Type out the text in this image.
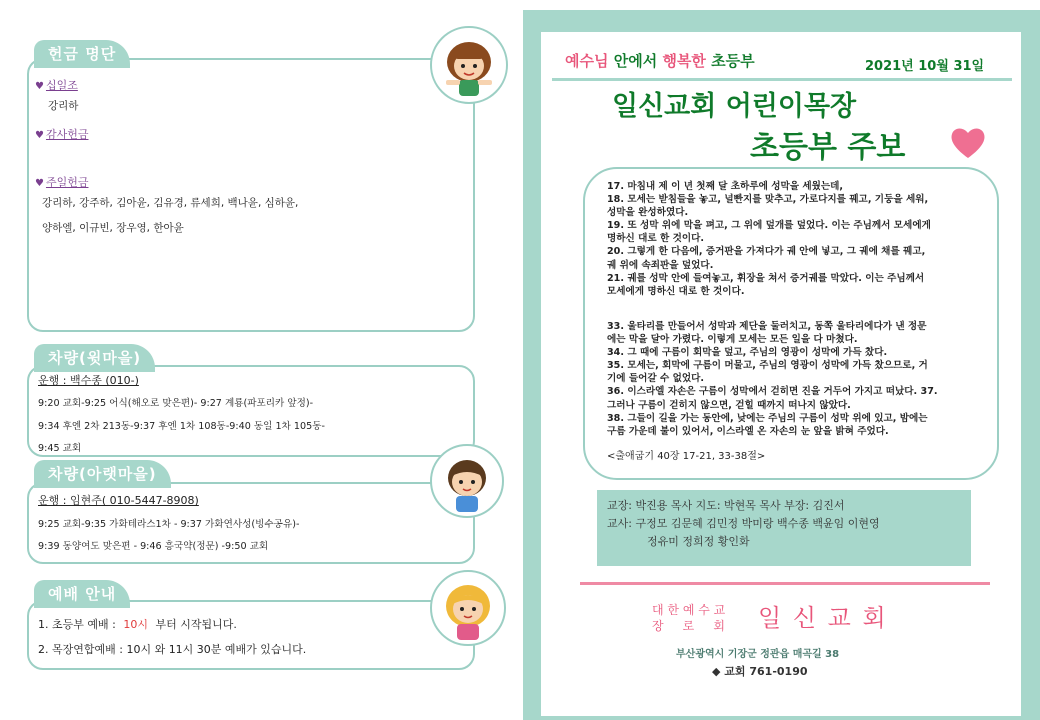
헌금 명단
♥ 십일조
강리하
♥ 감사헌금
♥ 주일헌금
강리하, 강주하, 김아윤, 김유경, 류세희, 백나윤, 심하윤,
양하엘, 이규빈, 장우영, 한아윤
차량(윗마을)
운행 : 백수종 (010-)
9:20 교회-9:25 어식(해오로 맞은편)- 9:27 계룡(파포리카 앞정)-
9:34 후엔 2차 213동-9:37 후엔 1차 108동-9:40 동일 1차 105동-
9:45 교회
차량(아랫마을)
운행 : 임현주( 010-5447-8908)
9:25 교회-9:35 가화테라스1차 - 9:37 가화연사성(빙수공유)-
9:39 동양여도 맞은편 - 9:46 흥국약(정문) -9:50 교회
예배 안내
1. 초등부 예배 : 10시 부터 시작됩니다.
2. 목장연합예배 : 10시 와 11시 30분 예배가 있습니다.
예수님 안에서 행복한 초등부	2021년 10월 31일
일신교회 어린이목장
초등부 주보
17. 마침내 제 이 년 첫째 달 초하루에 성막을 세웠는데,
18. 모세는 받침들을 놓고, 널빤지를 맞추고, 가로다지를 꿰고, 기둥을 세워,
성막을 완성하였다.
19. 또 성막 위에 막을 펴고, 그 위에 덮개를 덮었다. 이는 주님께서 모세에게
명하신 대로 한 것이다.
20. 그렇게 한 다음에, 증거판을 가져다가 궤 안에 넣고, 그 궤에 채를 꿰고,
궤 위에 속죄판을 덮었다.
21. 궤를 성막 안에 들여놓고, 휘장을 쳐서 증거궤를 막았다. 이는 주님께서
모세에게 명하신 대로 한 것이다.
33. 울타리를 만들어서 성막과 제단을 둘러치고, 동쪽 울타리에다가 낸 정문
에는 막을 달아 가렸다. 이렇게 모세는 모든 일을 다 마쳤다.
34. 그 때에 구름이 회막을 덮고, 주님의 영광이 성막에 가득 찼다.
35. 모세는, 회막에 구름이 머물고, 주님의 영광이 성막에 가득 찼으므로, 거
기에 들어갈 수 없었다.
36. 이스라엘 자손은 구름이 성막에서 걷히면 진을 거두어 가지고 떠났다. 37.
그러나 구름이 걷히지 않으면, 걷힐 때까지 떠나지 않았다.
38. 그들이 길을 가는 동안에, 낮에는 주님의 구름이 성막 위에 있고, 밤에는
구름 가운데 불이 있어서, 이스라엘 온 자손의 눈 앞을 밝혀 주었다.
<출애굽기 40장 17-21, 33-38절>
교장: 박진용 목사 지도: 박현목 목사 부장: 김진서
교사: 구정모 김문혜 김민정 박미랑 백수종 백윤임 이현영
정유미 정희정 황인화
대 한 예 수 교
장     로     회 일 신 교 회
부산광역시 기장군 정관읍 매곡길 38
◆ 교회 761-0190
